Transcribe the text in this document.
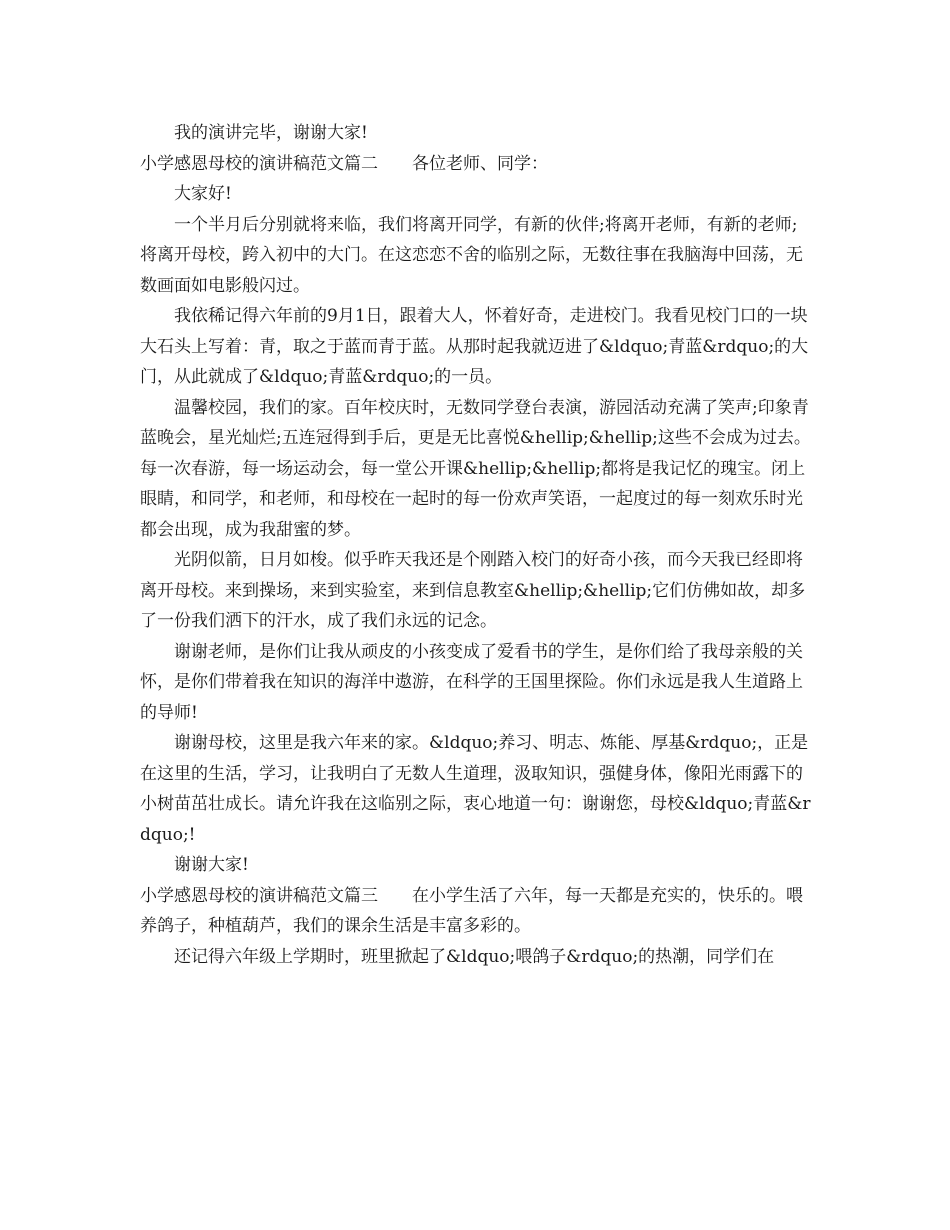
我的演讲完毕，谢谢大家!

小学感恩母校的演讲稿范文篇二　　各位老师、同学：

大家好!

一个半月后分别就将来临，我们将离开同学，有新的伙伴;将离开老师，有新的老师;将离开母校，跨入初中的大门。在这恋恋不舍的临别之际，无数往事在我脑海中回荡，无数画面如电影般闪过。

我依稀记得六年前的9月1日，跟着大人，怀着好奇，走进校门。我看见校门口的一块大石头上写着：青，取之于蓝而青于蓝。从那时起我就迈进了&ldquo;青蓝&rdquo;的大门，从此就成了&ldquo;青蓝&rdquo;的一员。

温馨校园，我们的家。百年校庆时，无数同学登台表演，游园活动充满了笑声;印象青蓝晚会，星光灿烂;五连冠得到手后，更是无比喜悦&hellip;&hellip;这些不会成为过去。每一次春游，每一场运动会，每一堂公开课&hellip;&hellip;都将是我记忆的瑰宝。闭上眼睛，和同学，和老师，和母校在一起时的每一份欢声笑语，一起度过的每一刻欢乐时光都会出现，成为我甜蜜的梦。

光阴似箭，日月如梭。似乎昨天我还是个刚踏入校门的好奇小孩，而今天我已经即将离开母校。来到操场，来到实验室，来到信息教室&hellip;&hellip;它们仿佛如故，却多了一份我们洒下的汗水，成了我们永远的记念。

谢谢老师，是你们让我从顽皮的小孩变成了爱看书的学生，是你们给了我母亲般的关怀，是你们带着我在知识的海洋中遨游，在科学的王国里探险。你们永远是我人生道路上的导师!

谢谢母校，这里是我六年来的家。&ldquo;养习、明志、炼能、厚基&rdquo;，正是在这里的生活，学习，让我明白了无数人生道理，汲取知识，强健身体，像阳光雨露下的小树苗茁壮成长。请允许我在这临别之际，衷心地道一句：谢谢您，母校&ldquo;青蓝&rdquo;!

谢谢大家!

小学感恩母校的演讲稿范文篇三　　在小学生活了六年，每一天都是充实的，快乐的。喂养鸽子，种植葫芦，我们的课余生活是丰富多彩的。

还记得六年级上学期时，班里掀起了&ldquo;喂鸽子&rdquo;的热潮，同学们在
